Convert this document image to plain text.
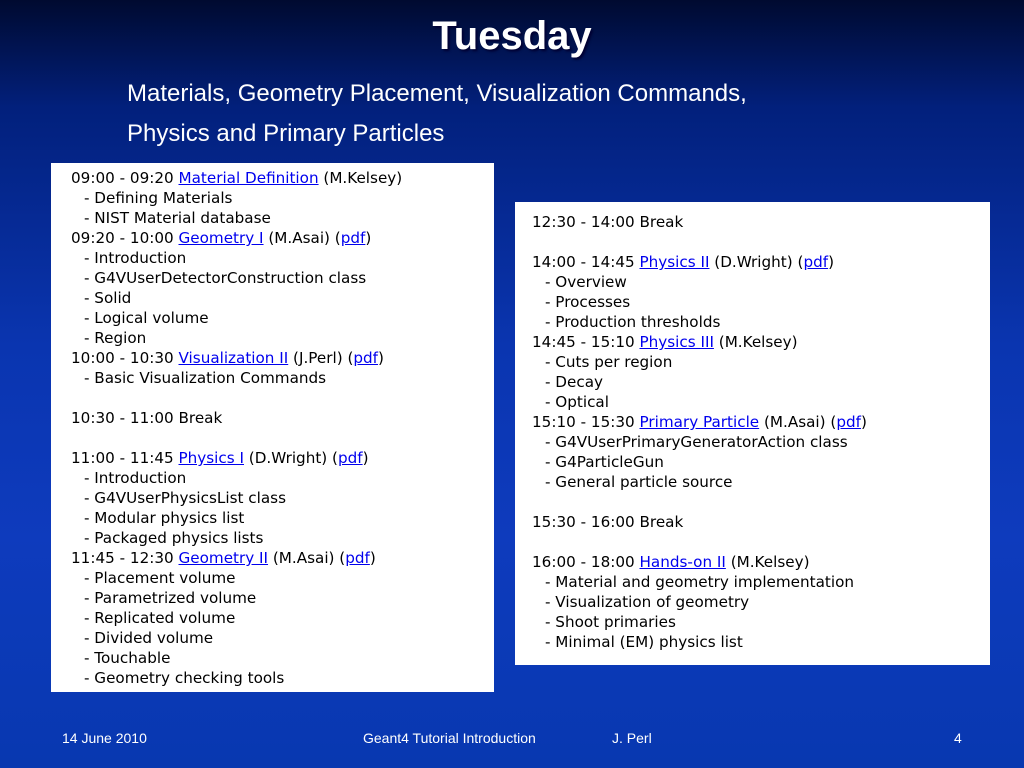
Tuesday
Materials, Geometry Placement, Visualization Commands,
Physics and Primary Particles
09:00 - 09:20 Material Definition (M.Kelsey)
- Defining Materials
- NIST Material database
09:20 - 10:00 Geometry I (M.Asai) (pdf)
- Introduction
- G4VUserDetectorConstruction class
- Solid
- Logical volume
- Region
10:00 - 10:30 Visualization II (J.Perl) (pdf)
- Basic Visualization Commands
10:30 - 11:00 Break
11:00 - 11:45 Physics I (D.Wright) (pdf)
- Introduction
- G4VUserPhysicsList class
- Modular physics list
- Packaged physics lists
11:45 - 12:30 Geometry II (M.Asai) (pdf)
- Placement volume
- Parametrized volume
- Replicated volume
- Divided volume
- Touchable
- Geometry checking tools
12:30 - 14:00 Break
14:00 - 14:45 Physics II (D.Wright) (pdf)
- Overview
- Processes
- Production thresholds
14:45 - 15:10 Physics III (M.Kelsey)
- Cuts per region
- Decay
- Optical
15:10 - 15:30 Primary Particle (M.Asai) (pdf)
- G4VUserPrimaryGeneratorAction class
- G4ParticleGun
- General particle source
15:30 - 16:00 Break
16:00 - 18:00 Hands-on II (M.Kelsey)
- Material and geometry implementation
- Visualization of geometry
- Shoot primaries
- Minimal (EM) physics list
14 June 2010	Geant4 Tutorial Introduction	J. Perl	4
